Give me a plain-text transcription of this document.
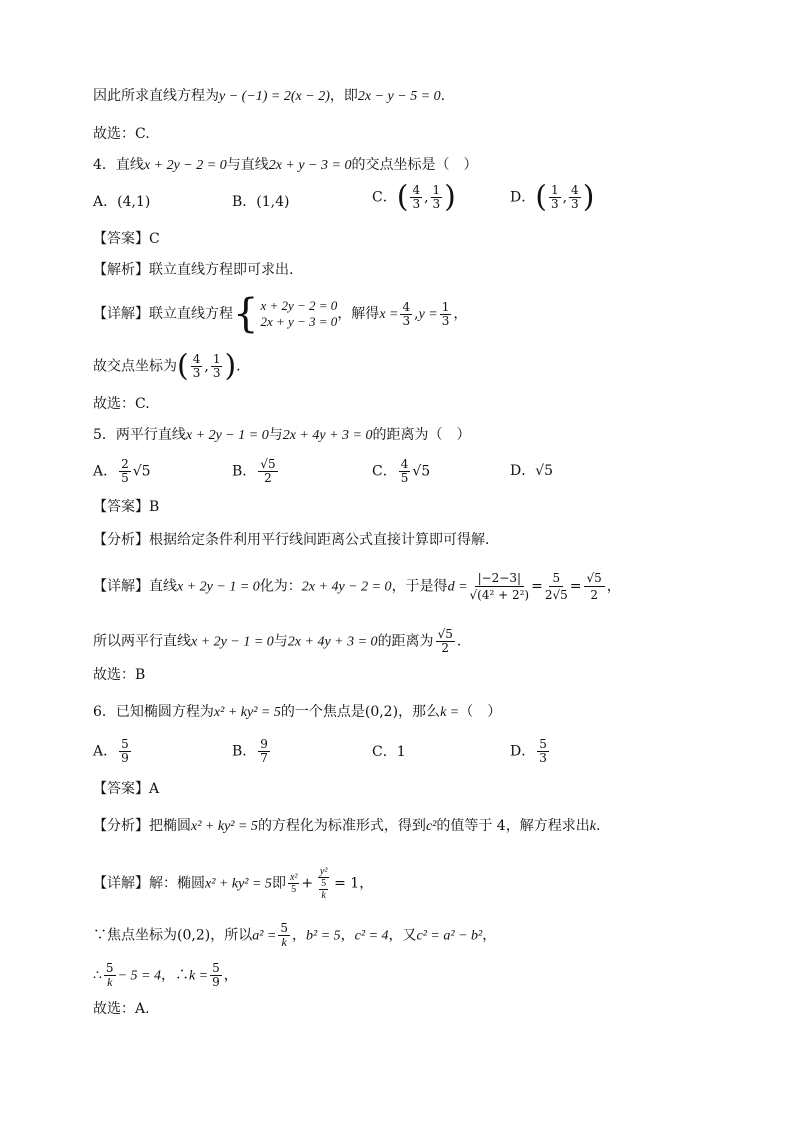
因此所求直线方程为y − (−1) = 2(x − 2)，即2x − y − 5 = 0.
故选：C.
4．直线x + 2y − 2 = 0与直线2x + y − 3 = 0的交点坐标是（　）
A．(4,1)	B．(1,4)	C．( $\frac{4}{3}$ , $\frac{1}{3}$ )	D．( $\frac{1}{3}$ , $\frac{4}{3}$ )
【答案】C
【解析】联立直线方程即可求出.
【详解】联立直线方程 { x + 2y − 2 = 0
2x + y − 3 = 0 ，解得$x = \frac{4}{3} ,y = \frac{1}{3}$ ，
故交点坐标为( $\frac{4}{3}$ , $\frac{1}{3}$ ).
故选：C.
5．两平行直线x + 2y − 1 = 0与2x + 4y + 3 = 0的距离为（　）
A． $\frac{2}{5} √5$	B． $\frac{√5}{2}$	C． $\frac{4}{5} √5$	D．√5
【答案】B
【分析】根据给定条件利用平行线间距离公式直接计算即可得解.
【详解】直线x + 2y − 1 = 0化为：2x + 4y − 2 = 0，于是得$d = \frac{|-2-3|}{\text{√(4² + 2²)}} = \frac{5}{2√5} = \frac{√5}{2}$ ，
所以两平行直线x + 2y − 1 = 0与2x + 4y + 3 = 0的距离为 $\frac{√5}{2}$ .
故选：B
6．已知椭圆方程为x² + ky² = 5的一个焦点是(0,2)，那么k =（　）
A． $\frac{5}{9}$	B． $\frac{9}{7}$	C．1	D． $\frac{5}{3}$
【答案】A
【分析】把椭圆x² + ky² = 5的方程化为标准形式，得到c²的值等于 4，解方程求出k.
【详解】解：椭圆x² + ky² = 5即 $\frac{\text{x²}}{5} + \frac{\text{y²}}{\frac{5}{k}} = 1$，
∵焦点坐标为(0,2)，所以$a^2 = \frac{5}{k}$ ，b² = 5，c² = 4，又c² = a² − b²，
∴ $\frac{5}{k} - 5 = 4$，∴k = $\frac{5}{9}$ ，
故选：A.
